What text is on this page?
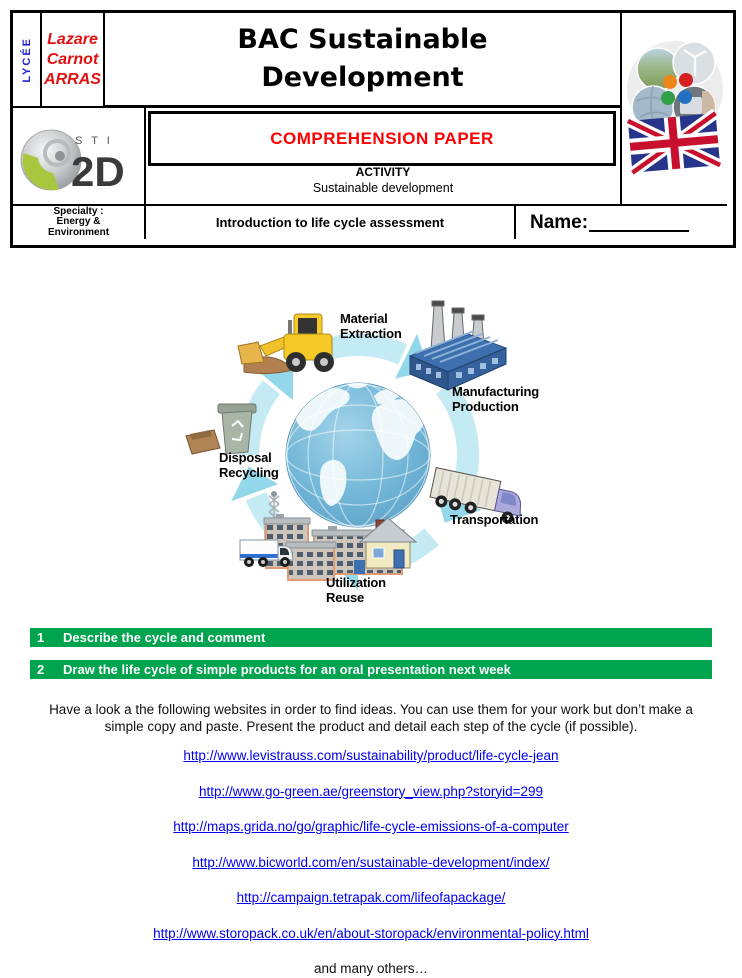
LYCÉE Lazare
Carnot
ARRAS
BAC Sustainable
Development
S T I
2D
COMPREHENSION PAPER
ACTIVITY
Sustainable development
Specialty :
Energy &
Environment
Introduction to life cycle assessment	Name:
Material Extraction
Manufacturing Production
Transportation
Utilization Reuse
Disposal Recycling
1	Describe the cycle and comment
2	Draw the life cycle of simple products for an oral presentation next week

Have a look a the following websites in order to find ideas. You can use them for your work but don’t make a simple copy and paste. Present the product and detail each step of the cycle (if possible).

http://www.levistrauss.com/sustainability/product/life-cycle-jean
http://www.go-green.ae/greenstory_view.php?storyid=299
http://maps.grida.no/go/graphic/life-cycle-emissions-of-a-computer
http://www.bicworld.com/en/sustainable-development/index/
http://campaign.tetrapak.com/lifeofapackage/
http://www.storopack.co.uk/en/about-storopack/environmental-policy.html
and many others…
